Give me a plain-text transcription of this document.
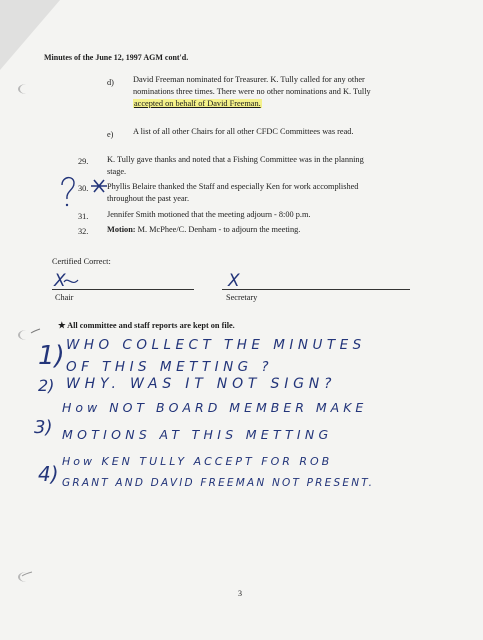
Minutes of the June 12, 1997 AGM cont'd.
d) David Freeman nominated for Treasurer. K. Tully called for any other
nominations three times. There were no other nominations and K. Tully
accepted on behalf of David Freeman.
e) A list of all other Chairs for all other CFDC Committees was read.
29. K. Tully gave thanks and noted that a Fishing Committee was in the planning
stage.
30. Phyllis Belaire thanked the Staff and especially Ken for work accomplished
throughout the past year.
31. Jennifer Smith motioned that the meeting adjourn - 8:00 p.m.
32. Motion: M. McPhee/C. Denham - to adjourn the meeting.
Certified Correct:
Chair	Secretary
X	X
★ All committee and staff reports are kept on file.
1) WHO COLLECT THE MINUTES
OF THIS METTING ?
2) WHY. WAS IT NOT SIGN?
3)
How NOT BOARD MEMBER MAKE
MOTIONS AT THIS METTING
4)
How KEN TULLY ACCEPT FOR ROB
GRANT AND DAVID FREEMAN NOT PRESENT.
3
